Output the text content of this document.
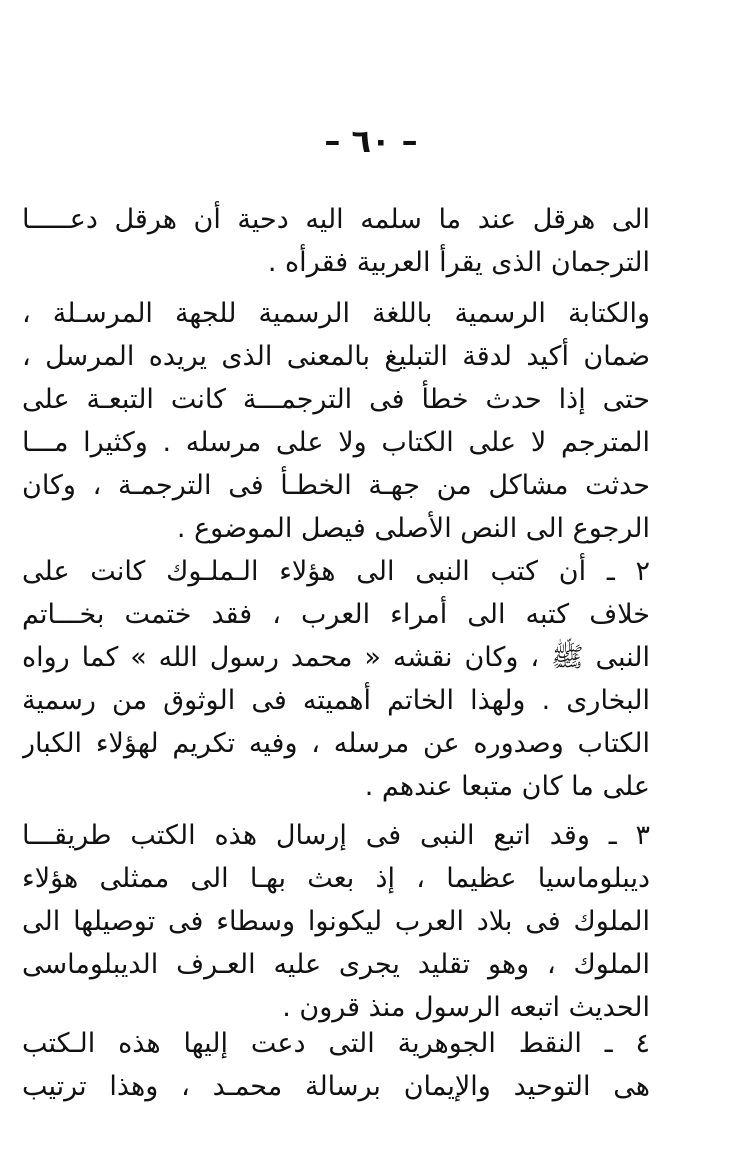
– ٦٠ –
الى هرقل عند ما سلمه اليه دحية أن هرقل دعـــــا
الترجمان الذى يقرأ العربية فقرأه .
والكتابة الرسمية باللغة الرسمية للجهة المرسـلة ،
ضمان أكيد لدقة التبليغ بالمعنى الذى يريده المرسل ،
حتى إذا حدث خطأ فى الترجمـــة كانت التبعـة على
المترجم لا على الكتاب ولا على مرسله . وكثيرا مـــا
حدثت مشاكل من جهـة الخطـأ فى الترجمـة ، وكان
الرجوع الى النص الأصلى فيصل الموضوع .
٢ ـ أن كتب النبى الى هؤلاء الـملـوك كانت على
خلاف كتبه الى أمراء العرب ، فقد ختمت بخـــاتم
النبى ﷺ ، وكان نقشه « محمد رسول الله » كما رواه
البخارى . ولهذا الخاتم أهميته فى الوثوق من رسمية
الكتاب وصدوره عن مرسله ، وفيه تكريم لهؤلاء الكبار
على ما كان متبعا عندهم .
٣ ـ وقد اتبع النبى فى إرسال هذه الكتب طريقـــا
ديبلوماسيا عظيما ، إذ بعث بهـا الى ممثلى هؤلاء
الملوك فى بلاد العرب ليكونوا وسطاء فى توصيلها الى
الملوك ، وهو تقليد يجرى عليه العـرف الديبلوماسى
الحديث اتبعه الرسول منذ قرون .
٤ ـ النقط الجوهرية التى دعت إليها هذه الـكتب
هى التوحيد والإيمان برسالة محمـد ، وهذا ترتيب
